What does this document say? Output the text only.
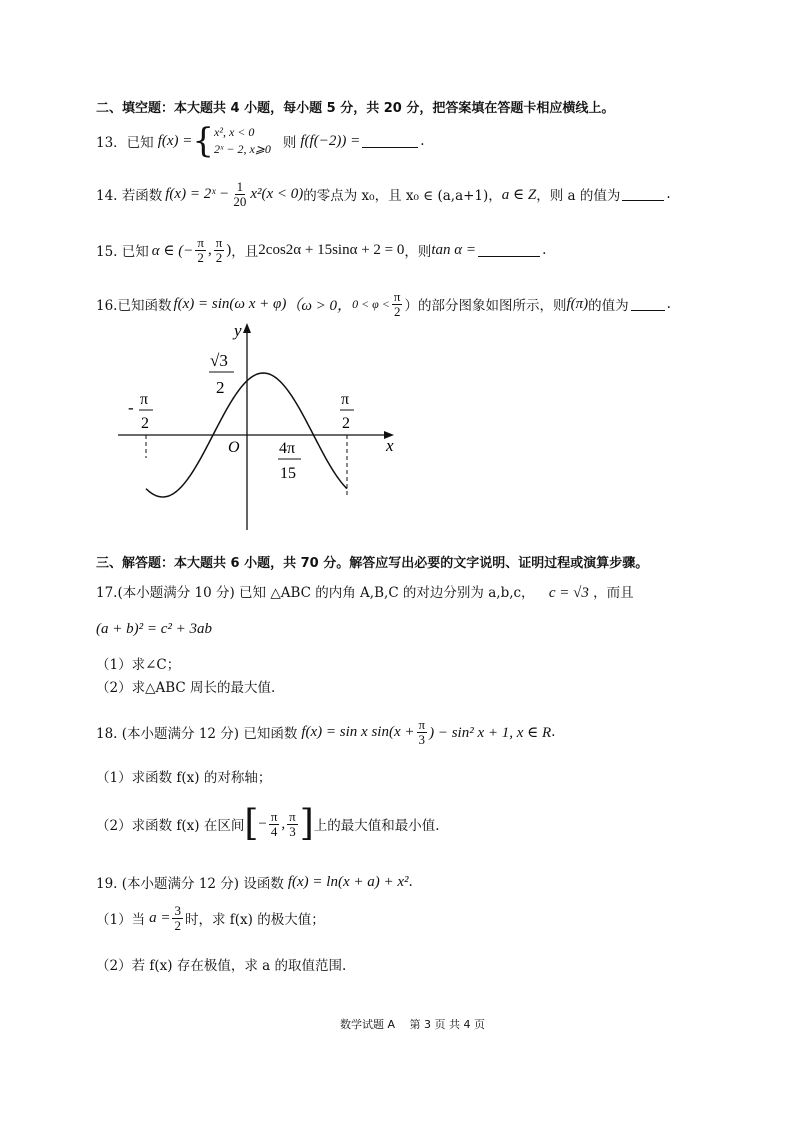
二、填空题：本大题共 4 小题，每小题 5 分，共 20 分，把答案填在答题卡相应横线上。
13．已知 f(x) = { x², x < 0
2ˣ − 2, x⩾0 则 f(f(−2)) =	.
14. 若函数 f(x) = 2ˣ − $\frac{1}{20} x^2(x < 0)$ 的零点为 x₀，且 x₀ ∈ (a,a+1)， a ∈ Z ，则 a 的值为	.
15. 已知 α ∈ (− $\frac{\pi}{2}$ , $\frac{\pi}{2}$ ) ，且 2cos2α + 15sinα + 2 = 0 ，则 tan α =	.
16.已知函数 f(x) = sin(ω x + φ) （ω > 0， $0 < \varphi < \frac{\pi}{2}$ ）的部分图象如图所示，则 f(π) 的值为	.
y
x
O
√3
2
- π
2
π
2
4π
15
三、解答题：本大题共 6 小题，共 70 分。解答应写出必要的文字说明、证明过程或演算步骤。
17.(本小题满分 10 分) 已知 △ABC 的内角 A,B,C 的对边分别为 a,b,c， c = √3 ，而且
(a + b)² = c² + 3ab
（1）求∠C；
（2）求△ABC 周长的最大值.
18. (本小题满分 12 分) 已知函数 f(x) = sin x $\sin(x + \frac{\pi}{3}$ ) − sin² x + 1, x ∈ R .
（1）求函数 f(x) 的对称轴；
（2）求函数 f(x) 在区间 [ − $\frac{\pi}{4}$ , $\frac{\pi}{3}$ ] 上的最大值和最小值.
19. (本小题满分 12 分) 设函数 f(x) = ln(x + a) + x² .
（1）当 $a = \frac{3}{2}$ 时，求 f(x) 的极大值；
（2）若 f(x) 存在极值，求 a 的取值范围.
数学试题 A　 第 3 页 共 4 页
